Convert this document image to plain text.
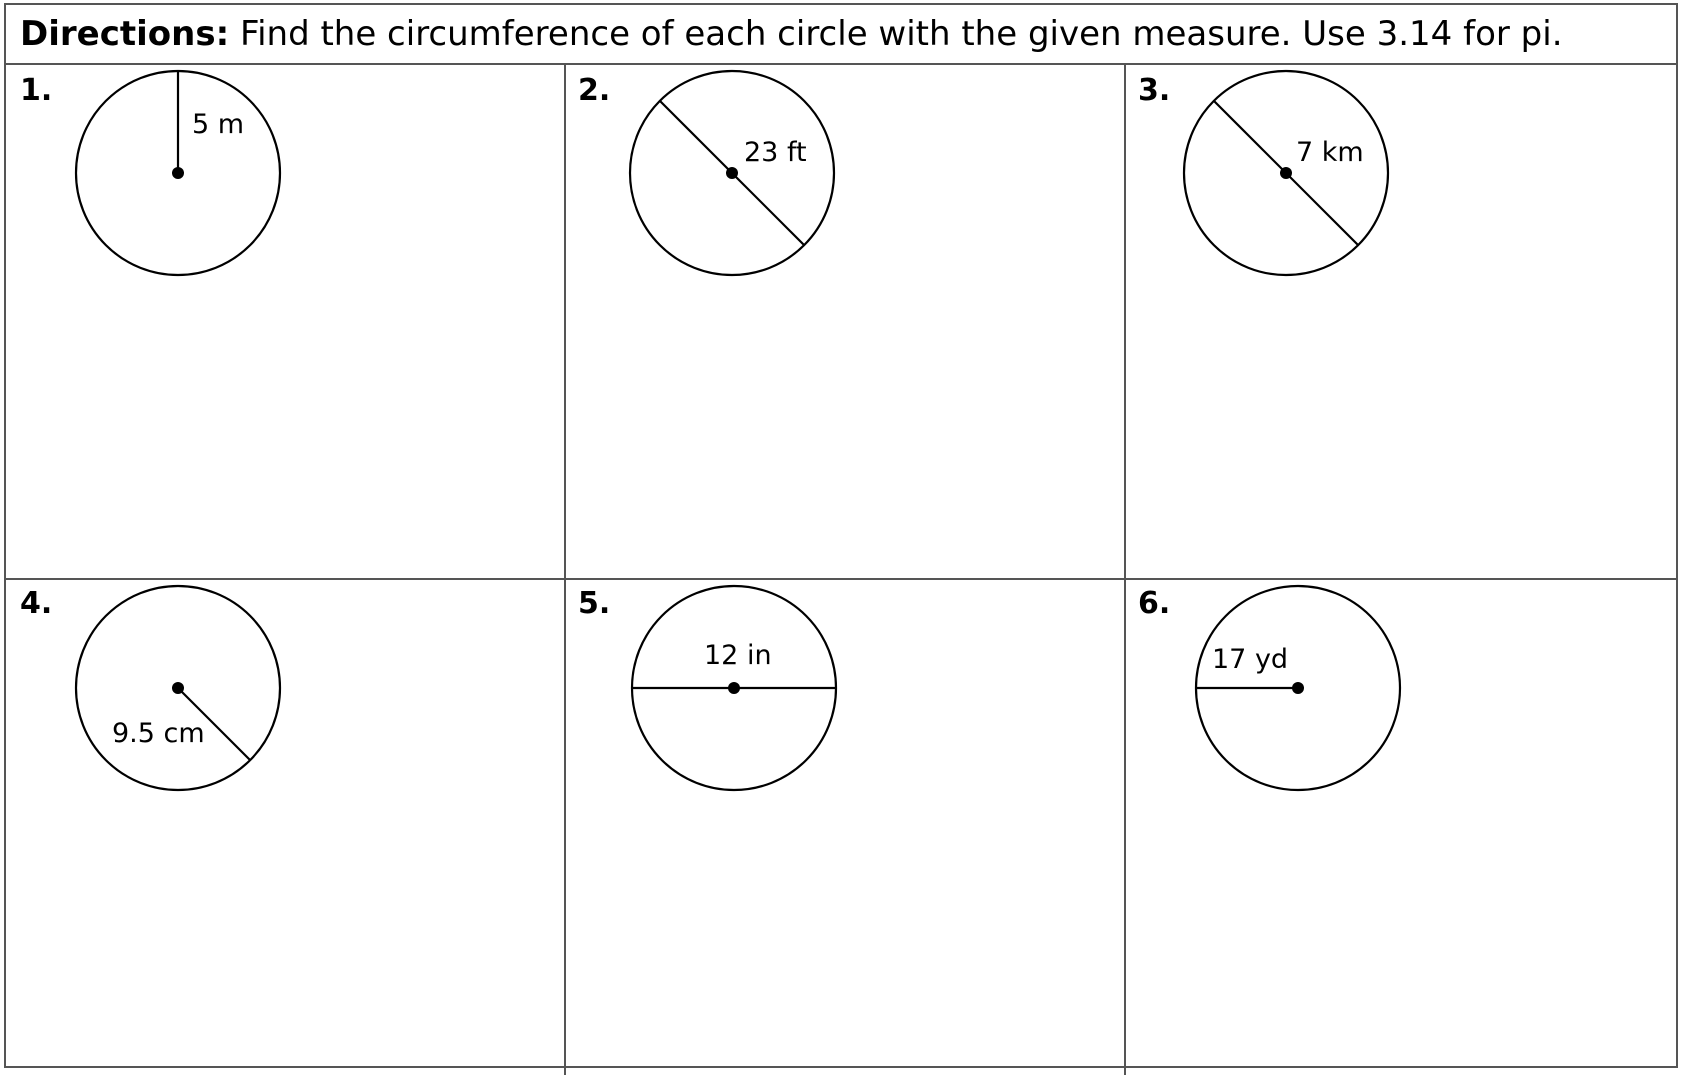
Directions: Find the circumference of each circle with the given measure. Use 3.14 for pi.
1.
5 m
2.
23 ft
3.
7 km
4.
9.5 cm
5.
12 in
6.
17 yd
